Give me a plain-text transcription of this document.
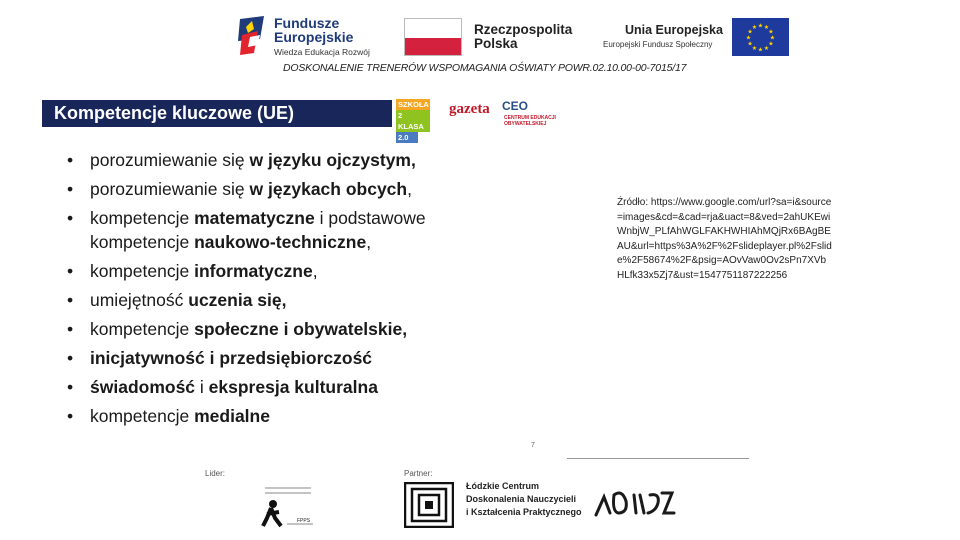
Fundusze
Europejskie
Wiedza Edukacja Rozwój
Rzeczpospolita
Polska
Unia Europejska
Europejski Fundusz Społeczny
★
★
★
★
★
★
★
★
★ ★ ★
★
DOSKONALENIE TRENERÓW WSPOMAGANIA OŚWIATY POWR.02.10.00-00-7015/17
Kompetencje kluczowe (UE)	SZKOŁA
2 KLASA
2.0
gazeta	CEO
CENTRUM EDUKACJI OBYWATELSKIEJ
• porozumiewanie się w języku ojczystym,
• porozumiewanie się w językach obcych,
• kompetencje matematyczne i podstawowe kompetencje naukowo-techniczne,
• kompetencje informatyczne,
• umiejętność uczenia się,
• kompetencje społeczne i obywatelskie,
• inicjatywność i przedsiębiorczość
• świadomość i ekspresja kulturalna
• kompetencje medialne
Źródło: https://www.google.com/url?sa=i&source=images&cd=&cad=rja&uact=8&ved=2ahUKEwiWnbjW_PLfAhWGLFAKHWHIAhMQjRx6BAgBEAU&url=https%3A%2F%2Fslideplayer.pl%2Fslide%2F58674%2F&psig=AOvVaw0Ov2sPn7XVbHLfk33x5Zj7&ust=1547751187222256
7
Lider:	Partner:
FPPS
Łódzkie Centrum
Doskonalenia Nauczycieli
i Kształcenia Praktycznego
